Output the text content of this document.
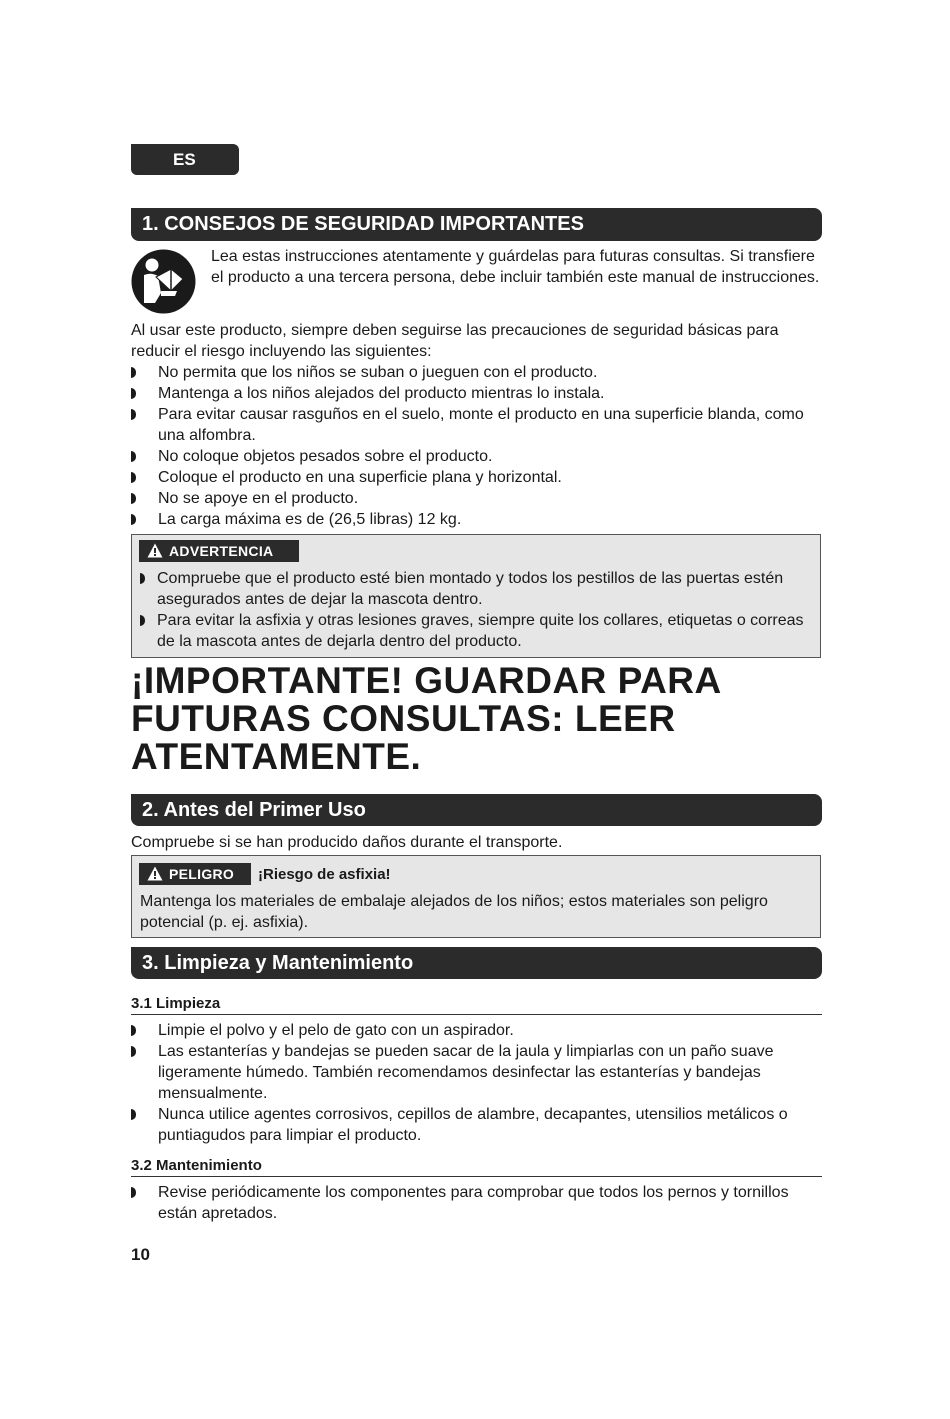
ES
1. CONSEJOS DE SEGURIDAD IMPORTANTES
Lea estas instrucciones atentamente y guárdelas para futuras consultas. Si transfiere el producto a una tercera persona, debe incluir también este manual de instrucciones.
Al usar este producto, siempre deben seguirse las precauciones de seguridad básicas para reducir el riesgo incluyendo las siguientes:
No permita que los niños se suban o jueguen con el producto.
Mantenga a los niños alejados del producto mientras lo instala.
Para evitar causar rasguños en el suelo, monte el producto en una superficie blanda, como una alfombra.
No coloque objetos pesados sobre el producto.
Coloque el producto en una superficie plana y horizontal.
No se apoye en el producto.
La carga máxima es de (26,5 libras) 12 kg.
ADVERTENCIA
Compruebe que el producto esté bien montado y todos los pestillos de las puertas estén asegurados antes de dejar la mascota dentro.
Para evitar la asfixia y otras lesiones graves, siempre quite los collares, etiquetas o correas de la mascota antes de dejarla dentro del producto.
¡IMPORTANTE! GUARDAR PARA FUTURAS CONSULTAS: LEER ATENTAMENTE.
2. Antes del Primer Uso
Compruebe si se han producido daños durante el transporte.
PELIGRO	¡Riesgo de asfixia!
Mantenga los materiales de embalaje alejados de los niños; estos materiales son peligro potencial (p. ej. asfixia).
3. Limpieza y Mantenimiento
3.1 Limpieza
Limpie el polvo y el pelo de gato con un aspirador.
Las estanterías y bandejas se pueden sacar de la jaula y limpiarlas con un paño suave ligeramente húmedo. También recomendamos desinfectar las estanterías y bandejas mensualmente.
Nunca utilice agentes corrosivos, cepillos de alambre, decapantes, utensilios metálicos o puntiagudos para limpiar el producto.
3.2 Mantenimiento
Revise periódicamente los componentes para comprobar que todos los pernos y tornillos están apretados.
10
